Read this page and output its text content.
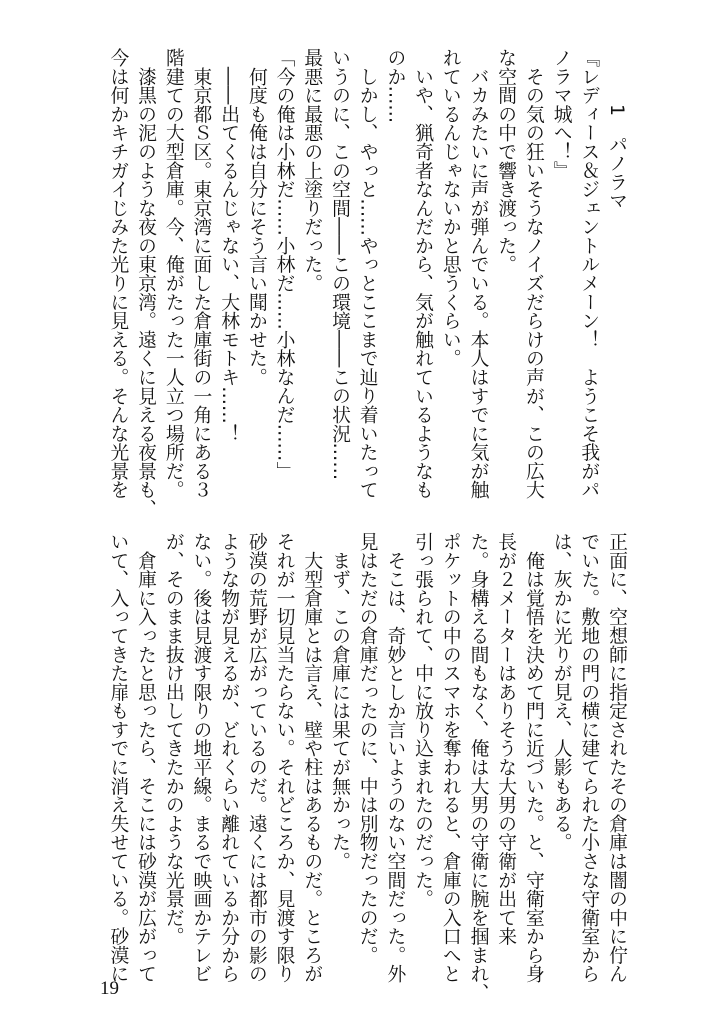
1　パノラマ

『レディース＆ジェントルメーン！　ようこそ我がパ

ノラマ城へ！』

　その気の狂いそうなノイズだらけの声が、この広大

な空間の中で響き渡った。

　バカみたいに声が弾んでいる。本人はすでに気が触

れているんじゃないかと思うくらい。

　いや、猟奇者なんだから、気が触れているようなも

のか……

　しかし、やっと……やっとここまで辿り着いたって

いうのに、この空間――この環境――この状況……

最悪に最悪の上塗りだった。

「今の俺は小林だ……小林だ……小林なんだ……」

　何度も俺は自分にそう言い聞かせた。

　――出てくるんじゃない、大林モトキ……！

　東京都Ｓ区。東京湾に面した倉庫街の一角にある３

階建ての大型倉庫。今、俺がたった一人立つ場所だ。

　漆黒の泥のような夜の東京湾。遠くに見える夜景も、

今は何かキチガイじみた光りに見える。そんな光景を

正面に、空想師に指定されたその倉庫は闇の中に佇ん

でいた。敷地の門の横に建てられた小さな守衛室から

は、灰かに光りが見え、人影もある。

　俺は覚悟を決めて門に近づいた。と、守衛室から身

長が２メーターはありそうな大男の守衛が出て来

た。身構える間もなく、俺は大男の守衛に腕を掴まれ、

ポケットの中のスマホを奪われると、倉庫の入口へと

引っ張られて、中に放り込まれたのだった。

　そこは、奇妙としか言いようのない空間だった。外

見はただの倉庫だったのに、中は別物だったのだ。

　まず、この倉庫には果てが無かった。

　大型倉庫とは言え、壁や柱はあるものだ。ところが

それが一切見当たらない。それどころか、見渡す限り

砂漠の荒野が広がっているのだ。遠くには都市の影の

ような物が見えるが、どれくらい離れているか分から

ない。後は見渡す限りの地平線。まるで映画かテレビ

が、そのまま抜け出してきたかのような光景だ。

　倉庫に入ったと思ったら、そこには砂漠が広がって

いて、入ってきた扉もすでに消え失せている。砂漠に

19
